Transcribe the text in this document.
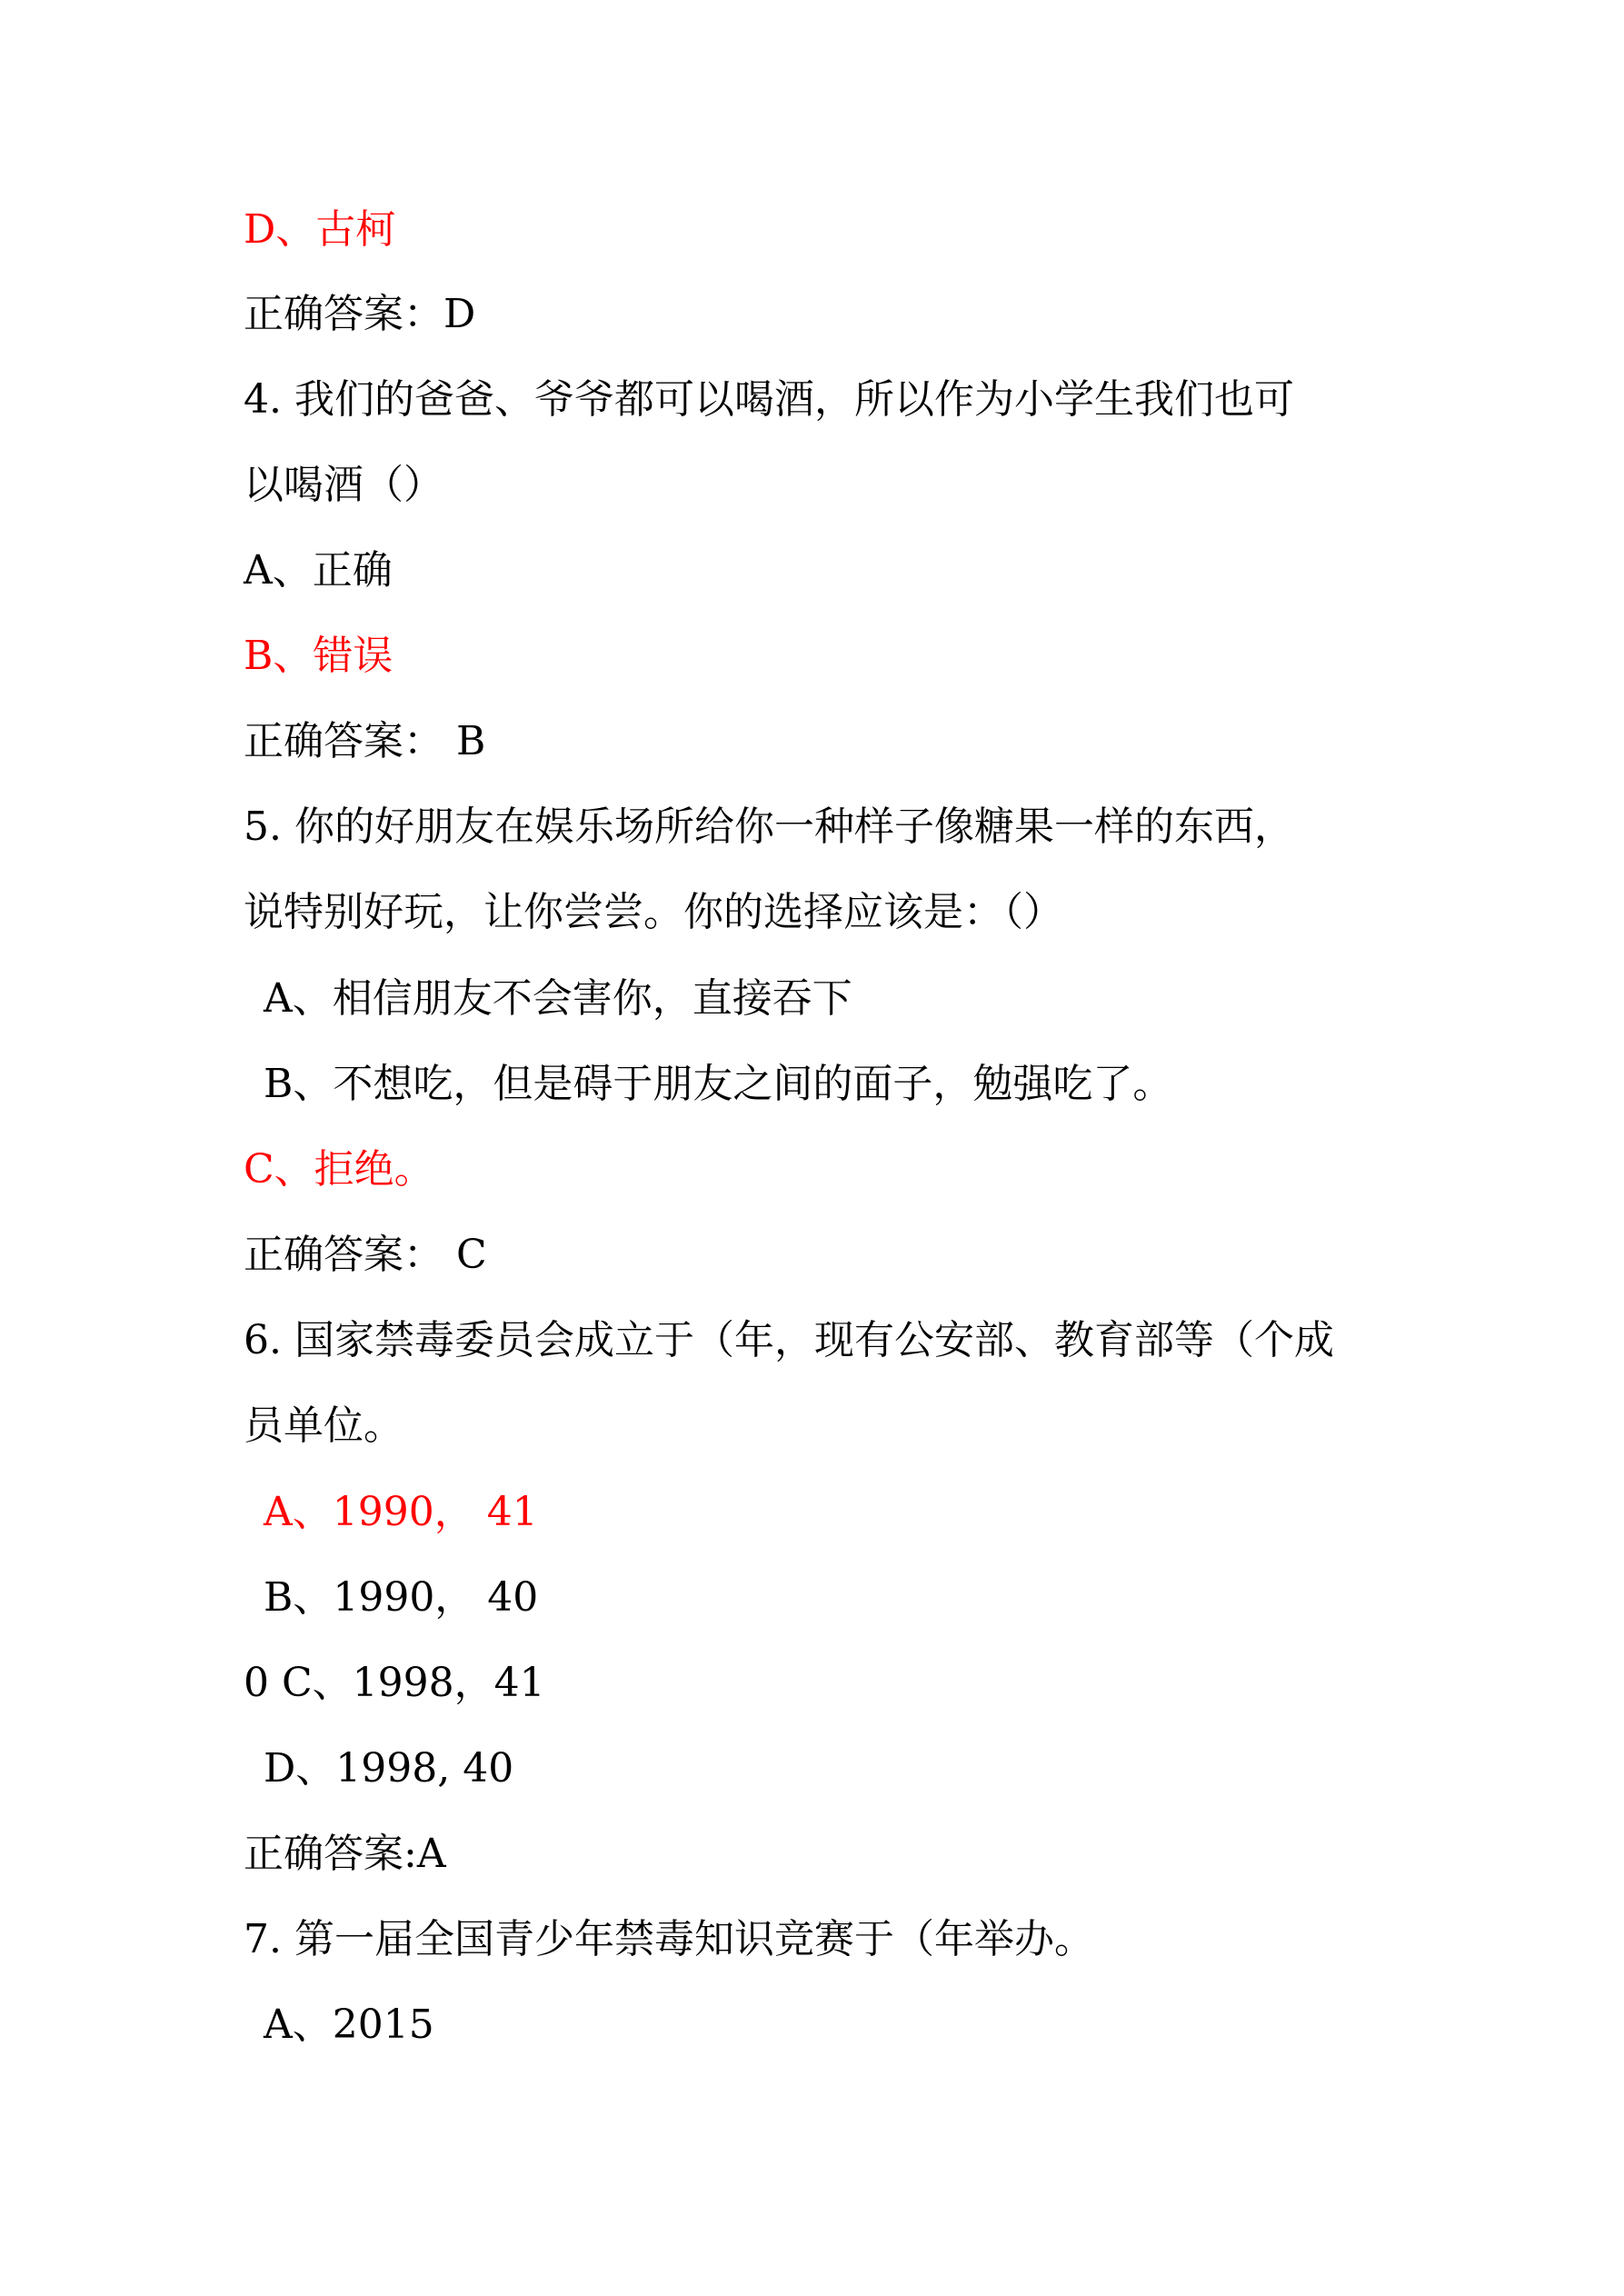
D、古柯

正确答案：D

4. 我们的爸爸、爷爷都可以喝酒，所以作为小学生我们也可

以喝酒（）

A、正确

B、错误

正确答案： B

5. 你的好朋友在娱乐场所给你一种样子像糖果一样的东西，

说特别好玩，让你尝尝。你的选择应该是：（）

A、相信朋友不会害你，直接吞下

B、不想吃，但是碍于朋友之间的面子，勉强吃了。

C、拒绝。

正确答案： C

6. 国家禁毒委员会成立于（年，现有公安部、教育部等（个成

员单位。

A、1990， 41

B、1990， 40

0 C、1998，41

D、1998, 40

正确答案:A

7. 第一届全国青少年禁毒知识竞赛于（年举办。

A、2015
